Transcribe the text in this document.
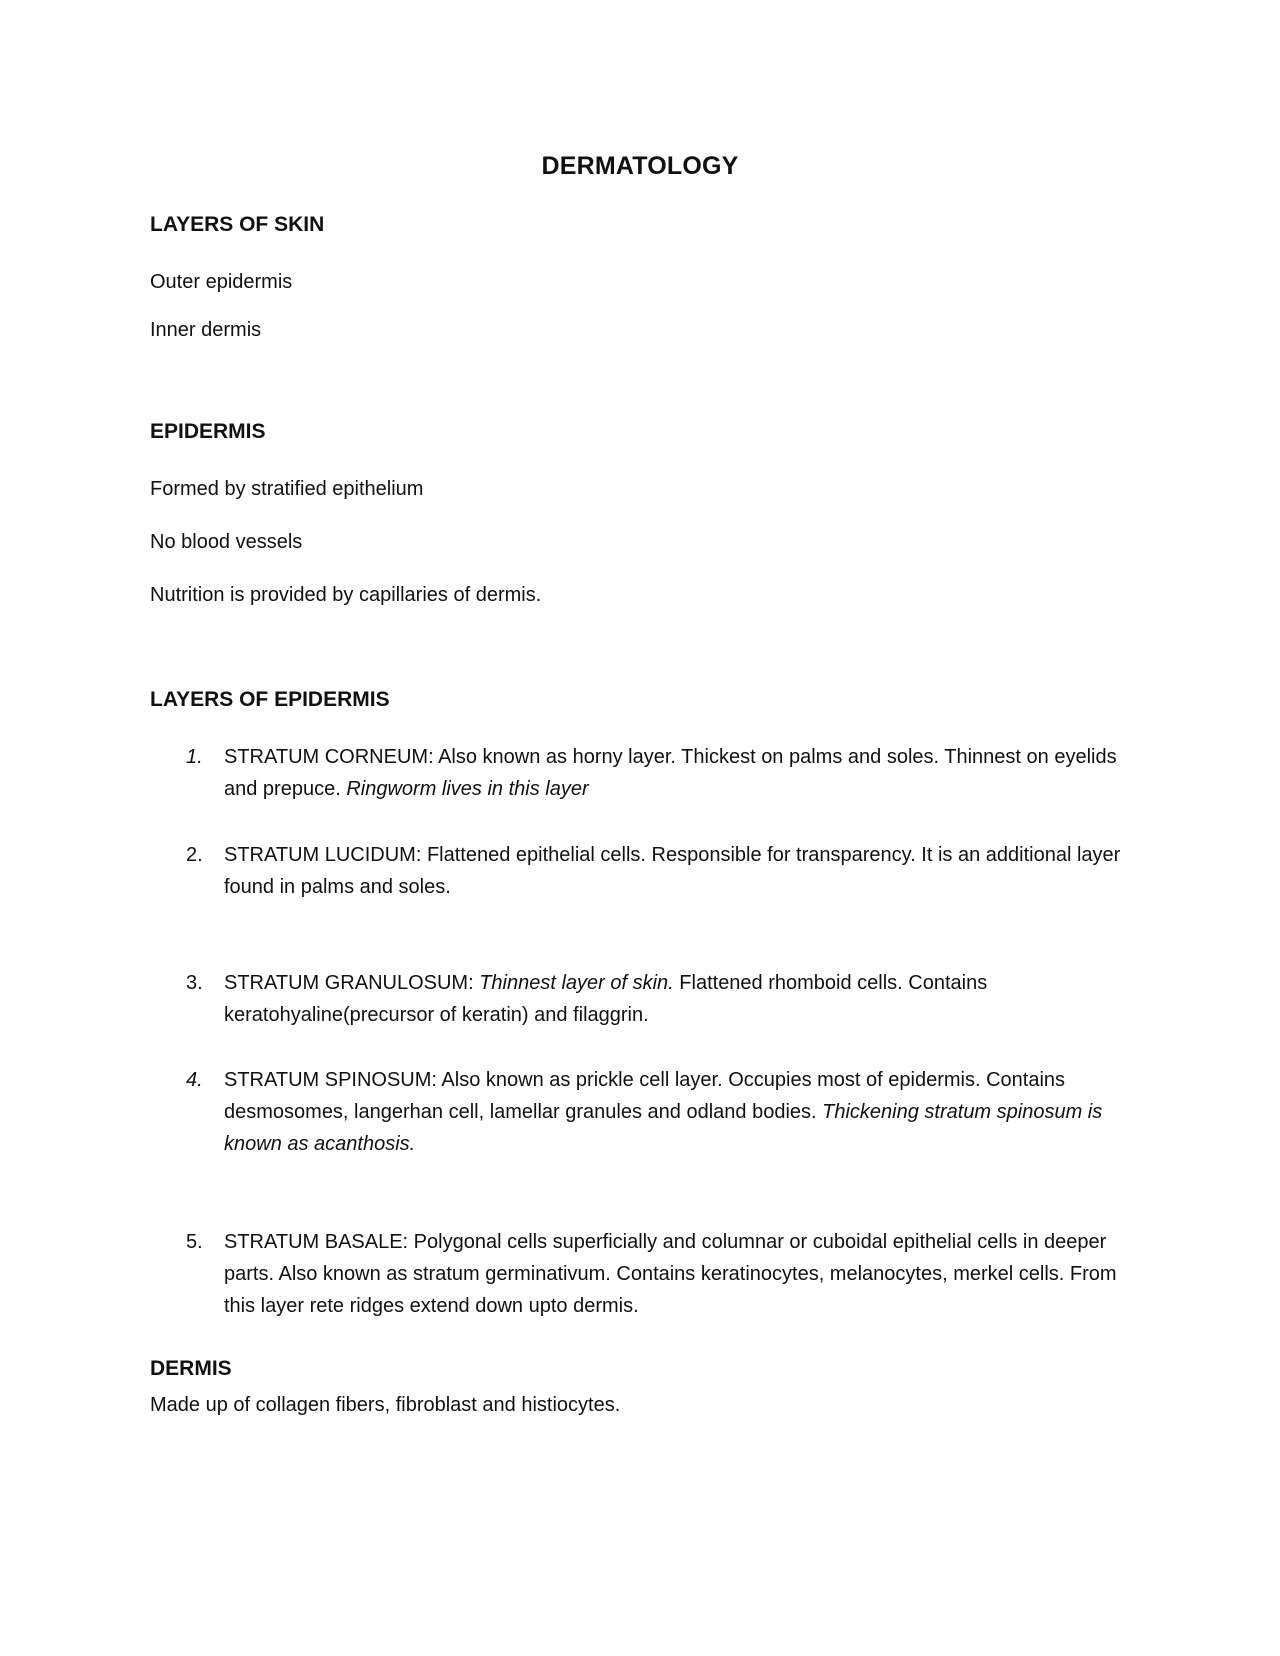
DERMATOLOGY
LAYERS OF SKIN
Outer epidermis
Inner dermis
EPIDERMIS
Formed by stratified epithelium
No blood vessels
Nutrition is provided by capillaries of dermis.
LAYERS OF EPIDERMIS
1. STRATUM CORNEUM: Also known as horny layer. Thickest on palms and soles. Thinnest on eyelids and prepuce. Ringworm lives in this layer
2. STRATUM LUCIDUM: Flattened epithelial cells. Responsible for transparency. It is an additional layer found in palms and soles.
3. STRATUM GRANULOSUM: Thinnest layer of skin. Flattened rhomboid cells. Contains keratohyaline(precursor of keratin) and filaggrin.
4. STRATUM SPINOSUM: Also known as prickle cell layer. Occupies most of epidermis. Contains desmosomes, langerhan cell, lamellar granules and odland bodies. Thickening stratum spinosum is known as acanthosis.
5. STRATUM BASALE: Polygonal cells superficially and columnar or cuboidal epithelial cells in deeper parts. Also known as stratum germinativum. Contains keratinocytes, melanocytes, merkel cells. From this layer rete ridges extend down upto dermis.
DERMIS
Made up of collagen fibers, fibroblast and histiocytes.
